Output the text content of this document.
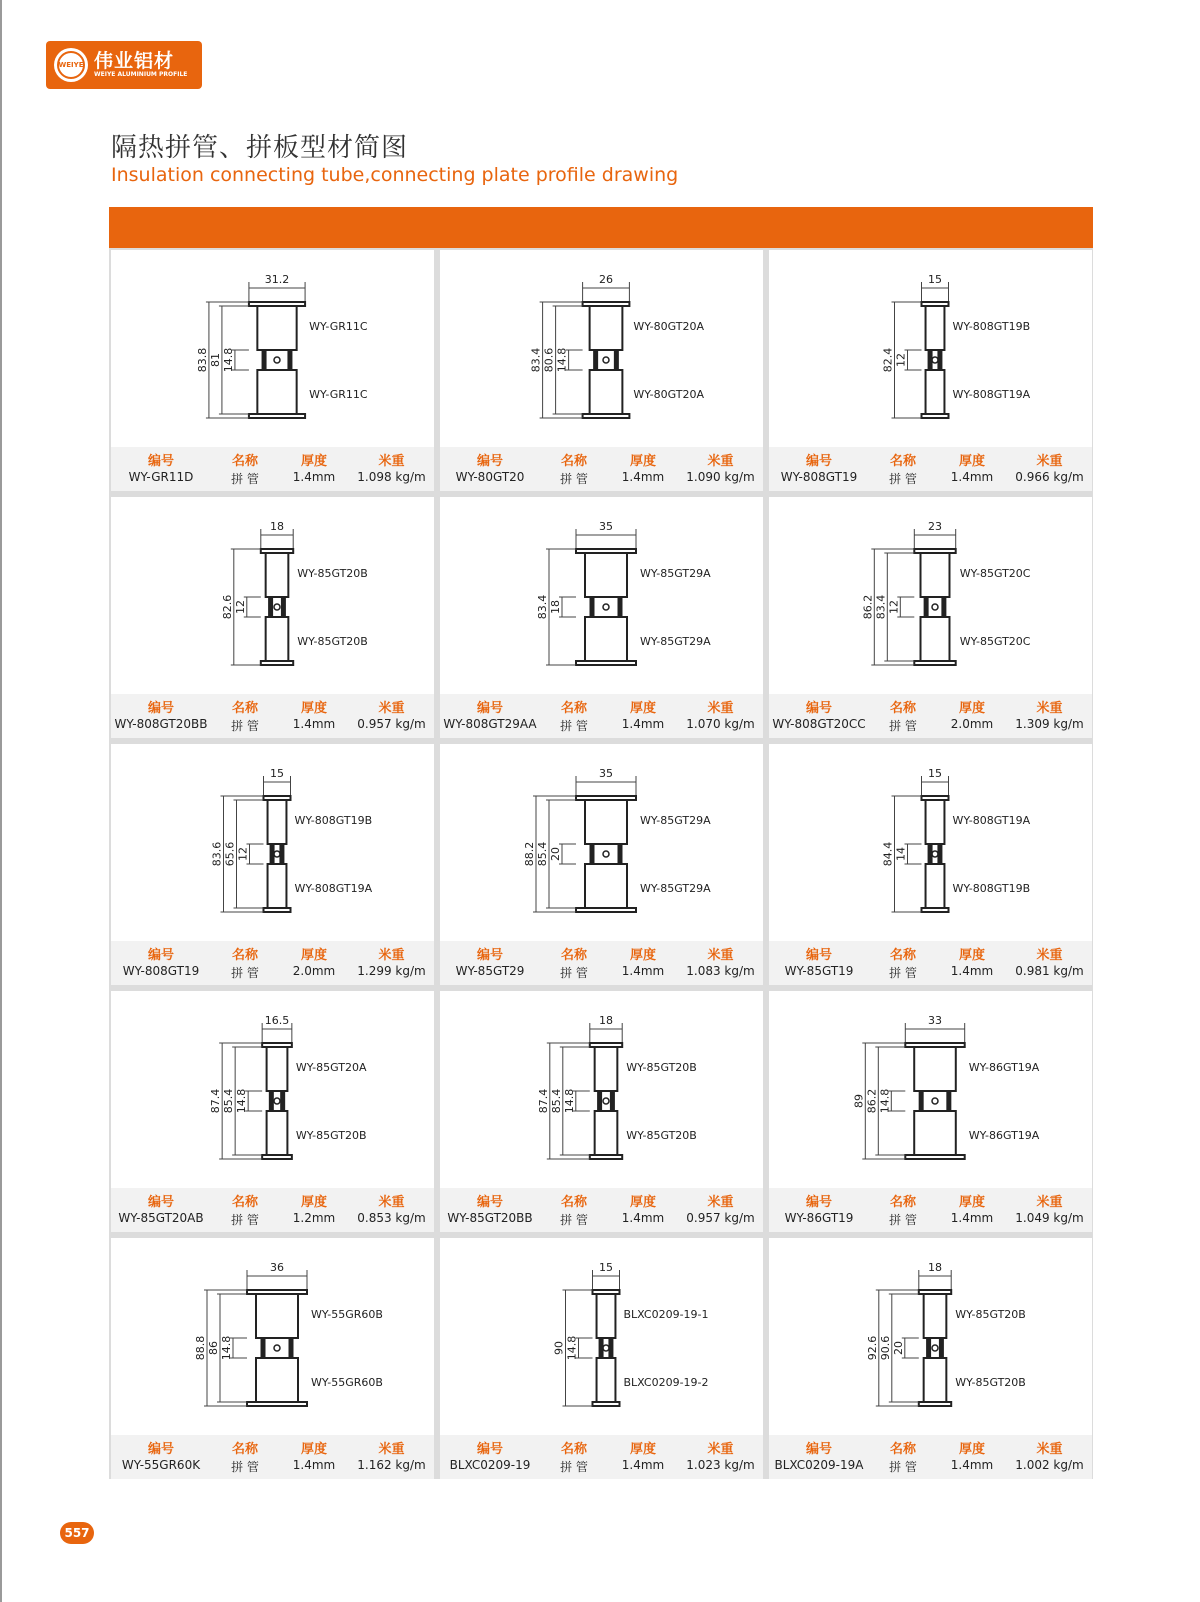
WEIYE 伟业铝材
WEIYE ALUMINIUM PROFILE
隔热拼管、拼板型材简图
Insulation connecting tube,connecting plate profile drawing
31.2
83.8 81 14.8
WY-GR11C
WY-GR11C
编号
WY-GR11D
名称
拼 管
厚度
1.4mm
米重
1.098 kg/m
26
83.4 80.6 14.8
WY-80GT20A
WY-80GT20A
编号
WY-80GT20
名称
拼 管
厚度
1.4mm
米重
1.090 kg/m
15
82.4 12
WY-808GT19B
WY-808GT19A
编号
WY-808GT19
名称
拼 管
厚度
1.4mm
米重
0.966 kg/m
18
82.6 12
WY-85GT20B
WY-85GT20B
编号
WY-808GT20BB
名称
拼 管
厚度
1.4mm
米重
0.957 kg/m
35
83.4 18
WY-85GT29A
WY-85GT29A
编号
WY-808GT29AA
名称
拼 管
厚度
1.4mm
米重
1.070 kg/m
23
86.2 83.4 12
WY-85GT20C
WY-85GT20C
编号
WY-808GT20CC
名称
拼 管
厚度
2.0mm
米重
1.309 kg/m
15
83.6 65.6 12
WY-808GT19B
WY-808GT19A
编号
WY-808GT19
名称
拼 管
厚度
2.0mm
米重
1.299 kg/m
35
88.2 85.4 20
WY-85GT29A
WY-85GT29A
编号
WY-85GT29
名称
拼 管
厚度
1.4mm
米重
1.083 kg/m
15
84.4 14
WY-808GT19A
WY-808GT19B
编号
WY-85GT19
名称
拼 管
厚度
1.4mm
米重
0.981 kg/m
16.5
87.4 85.4 14.8
WY-85GT20A
WY-85GT20B
编号
WY-85GT20AB
名称
拼 管
厚度
1.2mm
米重
0.853 kg/m
18
87.4 85.4 14.8
WY-85GT20B
WY-85GT20B
编号
WY-85GT20BB
名称
拼 管
厚度
1.4mm
米重
0.957 kg/m
33
89 86.2 14.8
WY-86GT19A
WY-86GT19A
编号
WY-86GT19
名称
拼 管
厚度
1.4mm
米重
1.049 kg/m
36
88.8 86 14.8
WY-55GR60B
WY-55GR60B
编号
WY-55GR60K
名称
拼 管
厚度
1.4mm
米重
1.162 kg/m
15
90 14.8
BLXC0209-19-1
BLXC0209-19-2
编号
BLXC0209-19
名称
拼 管
厚度
1.4mm
米重
1.023 kg/m
18
92.6 90.6 20
WY-85GT20B
WY-85GT20B
编号
BLXC0209-19A
名称
拼 管
厚度
1.4mm
米重
1.002 kg/m
557
